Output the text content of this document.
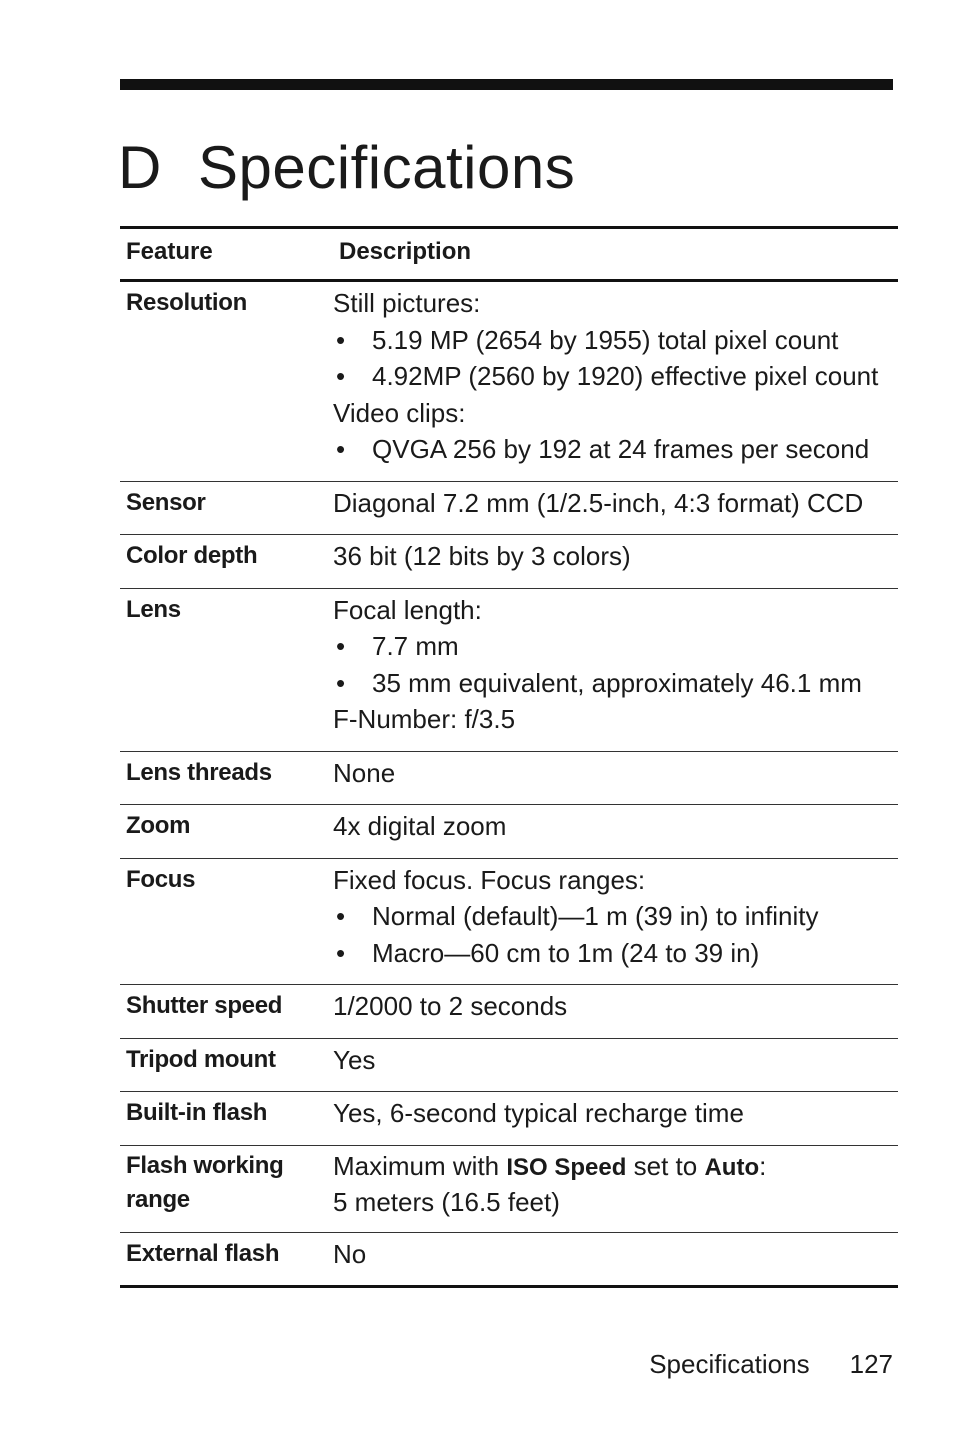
D Specifications
Feature	Description
Resolution	Still pictures:
• 5.19 MP (2654 by 1955) total pixel count
• 4.92MP (2560 by 1920) effective pixel count
Video clips:
• QVGA 256 by 192 at 24 frames per second

Sensor	Diagonal 7.2 mm (1/2.5-inch, 4:3 format) CCD
Color depth	36 bit (12 bits by 3 colors)
Lens	Focal length:
• 7.7 mm
• 35 mm equivalent, approximately 46.1 mm
F-Number: f/3.5

Lens threads	None
Zoom	4x digital zoom
Focus	Fixed focus. Focus ranges:
• Normal (default)—1 m (39 in) to infinity
• Macro—60 cm to 1m (24 to 39 in)

Shutter speed	1/2000 to 2 seconds
Tripod mount	Yes
Built-in flash	Yes, 6-second typical recharge time

Flash working
range	Maximum with ISO Speed set to Auto:
5 meters (16.5 feet)

External flash	No
Specifications 127
